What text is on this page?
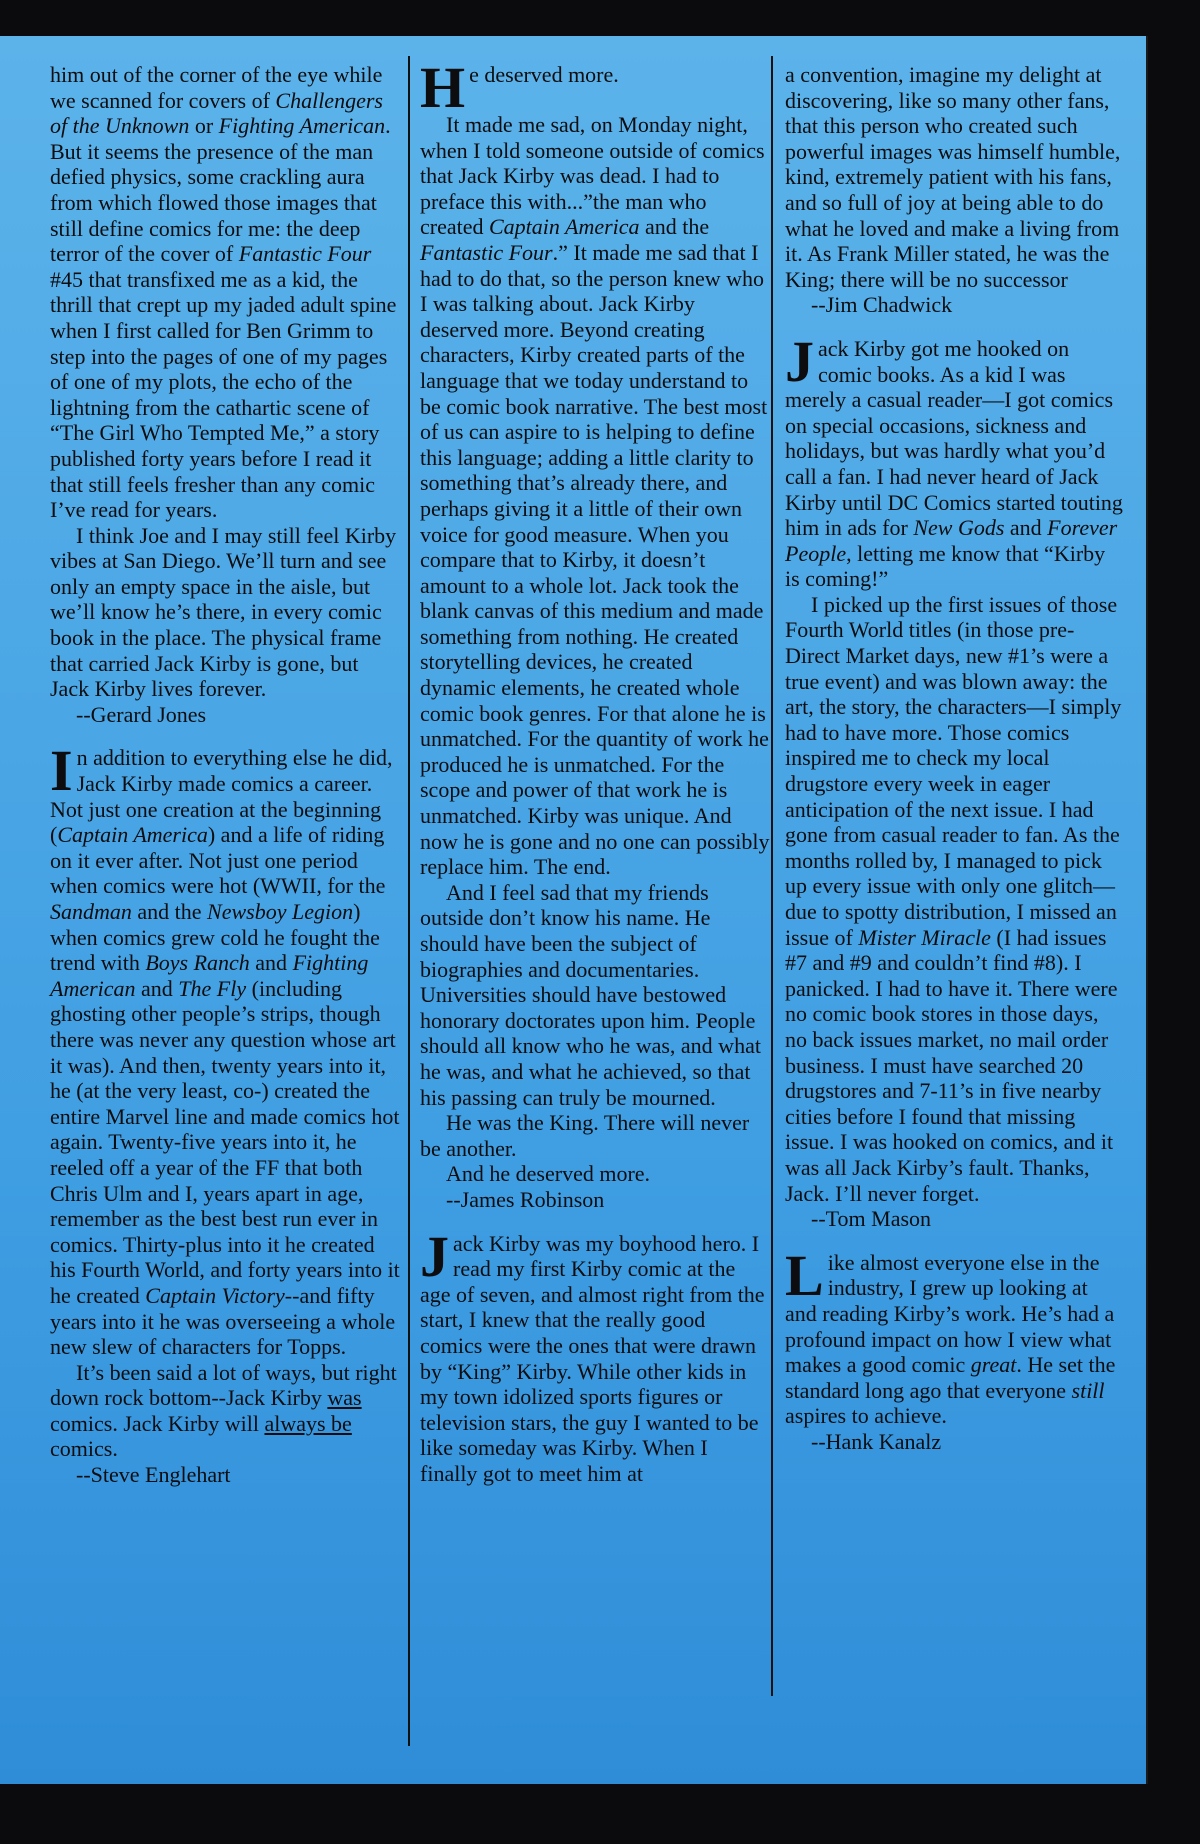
him out of the corner of the eye while we scanned for covers of Challengers of the Unknown or Fighting American. But it seems the presence of the man defied physics, some crackling aura from which flowed those images that still define comics for me: the deep terror of the cover of Fantastic Four #45 that transfixed me as a kid, the thrill that crept up my jaded adult spine when I first called for Ben Grimm to step into the pages of one of my pages of one of my plots, the echo of the lightning from the cathartic scene of “The Girl Who Tempted Me,” a story published forty years before I read it that still feels fresher than any comic I’ve read for years.

I think Joe and I may still feel Kirby vibes at San Diego. We’ll turn and see only an empty space in the aisle, but we’ll know he’s there, in every comic book in the place. The physical frame that carried Jack Kirby is gone, but Jack Kirby lives forever.

--Gerard Jones

In addition to everything else he did, Jack Kirby made comics a career. Not just one creation at the beginning (Captain America) and a life of riding on it ever after. Not just one period when comics were hot (WWII, for the Sandman and the Newsboy Legion) when comics grew cold he fought the trend with Boys Ranch and Fighting American and The Fly (including ghosting other people’s strips, though there was never any question whose art it was). And then, twenty years into it, he (at the very least, co-) created the entire Marvel line and made comics hot again. Twenty-five years into it, he reeled off a year of the FF that both Chris Ulm and I, years apart in age, remember as the best best run ever in comics. Thirty-plus into it he created his Fourth World, and forty years into it he created Captain Victory--and fifty years into it he was overseeing a whole new slew of characters for Topps.

It’s been said a lot of ways, but right down rock bottom--Jack Kirby was comics. Jack Kirby will always be comics.

--Steve Englehart

He deserved more.

It made me sad, on Monday night, when I told someone outside of comics that Jack Kirby was dead. I had to preface this with...”the man who created Captain America and the Fantastic Four.” It made me sad that I had to do that, so the person knew who I was talking about. Jack Kirby deserved more. Beyond creating characters, Kirby created parts of the language that we today understand to be comic book narrative. The best most of us can aspire to is helping to define this language; adding a little clarity to something that’s already there, and perhaps giving it a little of their own voice for good measure. When you compare that to Kirby, it doesn’t amount to a whole lot. Jack took the blank canvas of this medium and made something from nothing. He created storytelling devices, he created dynamic elements, he created whole comic book genres. For that alone he is unmatched. For the quantity of work he produced he is unmatched. For the scope and power of that work he is unmatched. Kirby was unique. And now he is gone and no one can possibly replace him. The end.

And I feel sad that my friends outside don’t know his name. He should have been the subject of biographies and documentaries. Universities should have bestowed honorary doctorates upon him. People should all know who he was, and what he was, and what he achieved, so that his passing can truly be mourned.

He was the King. There will never be another.

And he deserved more.

--James Robinson

Jack Kirby was my boyhood hero. I read my first Kirby comic at the age of seven, and almost right from the start, I knew that the really good comics were the ones that were drawn by “King” Kirby. While other kids in my town idolized sports figures or television stars, the guy I wanted to be like someday was Kirby. When I finally got to meet him at

a convention, imagine my delight at discovering, like so many other fans, that this person who created such powerful images was himself humble, kind, extremely patient with his fans, and so full of joy at being able to do what he loved and make a living from it. As Frank Miller stated, he was the King; there will be no successor

--Jim Chadwick

Jack Kirby got me hooked on comic books. As a kid I was merely a casual reader—I got comics on special occasions, sickness and holidays, but was hardly what you’d call a fan. I had never heard of Jack Kirby until DC Comics started touting him in ads for New Gods and Forever People, letting me know that “Kirby is coming!”

I picked up the first issues of those Fourth World titles (in those pre-Direct Market days, new #1’s were a true event) and was blown away: the art, the story, the characters—I simply had to have more. Those comics inspired me to check my local drugstore every week in eager anticipation of the next issue. I had gone from casual reader to fan. As the months rolled by, I managed to pick up every issue with only one glitch—due to spotty distribution, I missed an issue of Mister Miracle (I had issues #7 and #9 and couldn’t find #8). I panicked. I had to have it. There were no comic book stores in those days, no back issues market, no mail order business. I must have searched 20 drugstores and 7-11’s in five nearby cities before I found that missing issue. I was hooked on comics, and it was all Jack Kirby’s fault. Thanks, Jack. I’ll never forget.

--Tom Mason

Like almost everyone else in the industry, I grew up looking at and reading Kirby’s work. He’s had a profound impact on how I view what makes a good comic great. He set the standard long ago that everyone still aspires to achieve.

--Hank Kanalz
